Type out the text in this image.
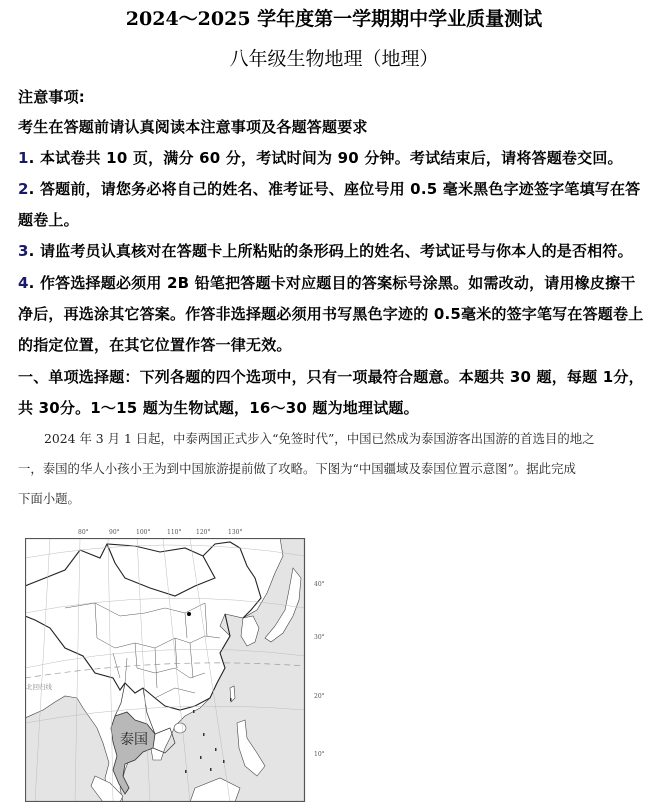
2024～2025 学年度第一学期期中学业质量测试
八年级生物地理（地理）
注意事项:
考生在答题前请认真阅读本注意事项及各题答题要求
1. 本试卷共 10 页，满分 60 分，考试时间为 90 分钟。考试结束后，请将答题卷交回。
2. 答题前，请您务必将自己的姓名、准考证号、座位号用 0.5 毫米黑色字迹签字笔填写在答
题卷上。
3. 请监考员认真核对在答题卡上所粘贴的条形码上的姓名、考试证号与你本人的是否相符。
4. 作答选择题必须用 2B 铅笔把答题卡对应题目的答案标号涂黑。如需改动，请用橡皮擦干
净后，再选涂其它答案。作答非选择题必须用书写黑色字迹的 0.5毫米的签字笔写在答题卷上
的指定位置，在其它位置作答一律无效。
一、单项选择题：下列各题的四个选项中，只有一项最符合题意。本题共 30 题，每题 1分，
共 30分。1～15 题为生物试题，16～30 题为地理试题。
2024 年 3 月 1 日起，中泰两国正式步入“免签时代”，中国已然成为泰国游客出国游的首选目的地之
一，泰国的华人小孩小王为到中国旅游提前做了攻略。下图为“中国疆域及泰国位置示意图”。据此完成
下面小题。
泰国
北回归线
40°
30°
20°
10°
80°	90°	100°	110° 120°	130°
